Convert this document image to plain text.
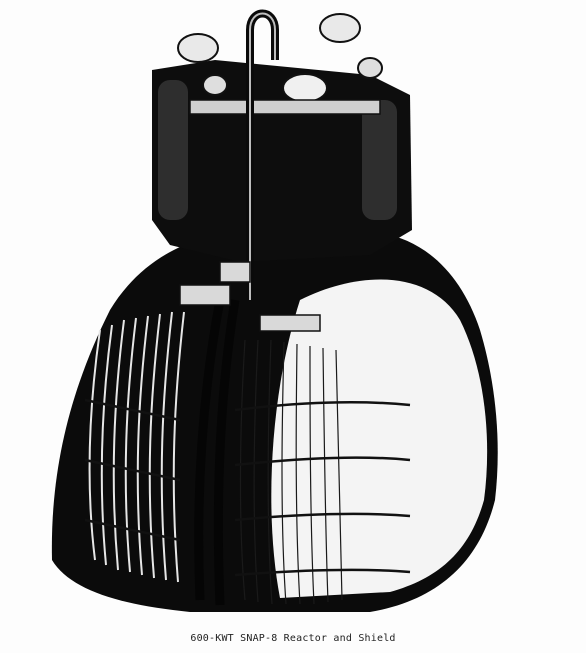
600-KWT SNAP-8 Reactor and Shield
